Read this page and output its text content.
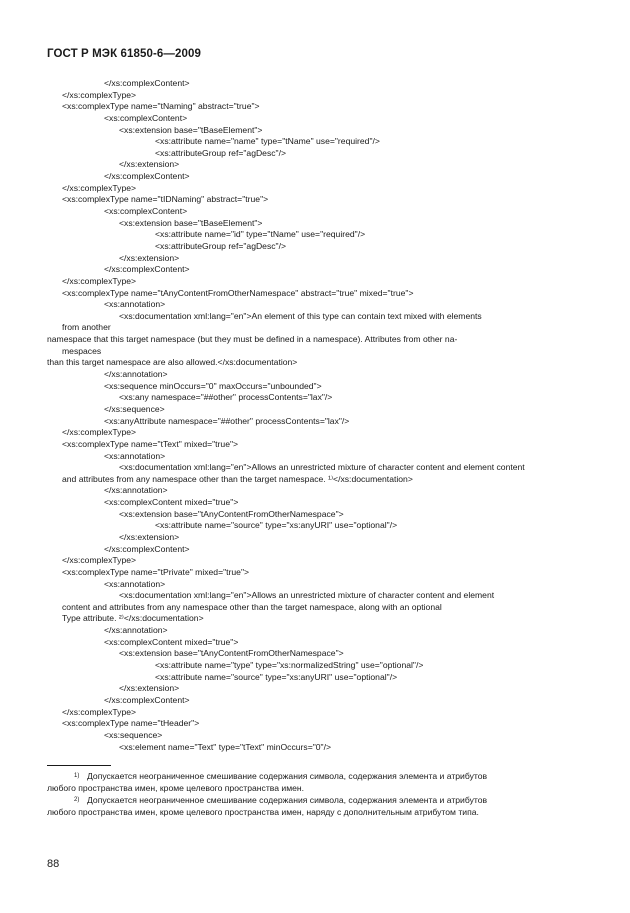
ГОСТ Р МЭК 61850-6—2009
</xs:complexContent>
</xs:complexType>
<xs:complexType name="tNaming" abstract="true">
<xs:complexContent>
<xs:extension base="tBaseElement">
<xs:attribute name="name" type="tName" use="required"/>
<xs:attributeGroup ref="agDesc"/>
</xs:extension>
</xs:complexContent>
</xs:complexType>
<xs:complexType name="tIDNaming" abstract="true">
<xs:complexContent>
<xs:extension base="tBaseElement">
<xs:attribute name="id" type="tName" use="required"/>
<xs:attributeGroup ref="agDesc"/>
</xs:extension>
</xs:complexContent>
</xs:complexType>
<xs:complexType name="tAnyContentFromOtherNamespace" abstract="true" mixed="true">
<xs:annotation>
<xs:documentation xml:lang="en">An element of this type can contain text mixed with elements
from another
namespace that this target namespace (but they must be defined in a namespace). Attributes from other na-
mespaces
than this target namespace are also allowed.</xs:documentation>
</xs:annotation>
<xs:sequence minOccurs="0" maxOccurs="unbounded">
<xs:any namespace="##other" processContents="lax"/>
</xs:sequence>
<xs:anyAttribute namespace="##other" processContents="lax"/>
</xs:complexType>
<xs:complexType name="tText" mixed="true">
<xs:annotation>
<xs:documentation xml:lang="en">Allows an unrestricted mixture of character content and element content
and attributes from any namespace other than the target namespace. ¹⁾</xs:documentation>
</xs:annotation>
<xs:complexContent mixed="true">
<xs:extension base="tAnyContentFromOtherNamespace">
<xs:attribute name="source" type="xs:anyURI" use="optional"/>
</xs:extension>
</xs:complexContent>
</xs:complexType>
<xs:complexType name="tPrivate" mixed="true">
<xs:annotation>
<xs:documentation xml:lang="en">Allows an unrestricted mixture of character content and element
content and attributes from any namespace other than the target namespace, along with an optional
Type attribute. ²⁾</xs:documentation>
</xs:annotation>
<xs:complexContent mixed="true">
<xs:extension base="tAnyContentFromOtherNamespace">
<xs:attribute name="type" type="xs:normalizedString" use="optional"/>
<xs:attribute name="source" type="xs:anyURI" use="optional"/>
</xs:extension>
</xs:complexContent>
</xs:complexType>
<xs:complexType name="tHeader">
<xs:sequence>
<xs:element name="Text" type="tText" minOccurs="0"/>
$^{1)}$ Допускается неограниченное смешивание содержания символа, содержания элемента и атрибутов
любого пространства имен, кроме целевого пространства имен.
$^{2)}$ Допускается неограниченное смешивание содержания символа, содержания элемента и атрибутов
любого пространства имен, кроме целевого пространства имен, наряду с дополнительным атрибутом типа.
88
